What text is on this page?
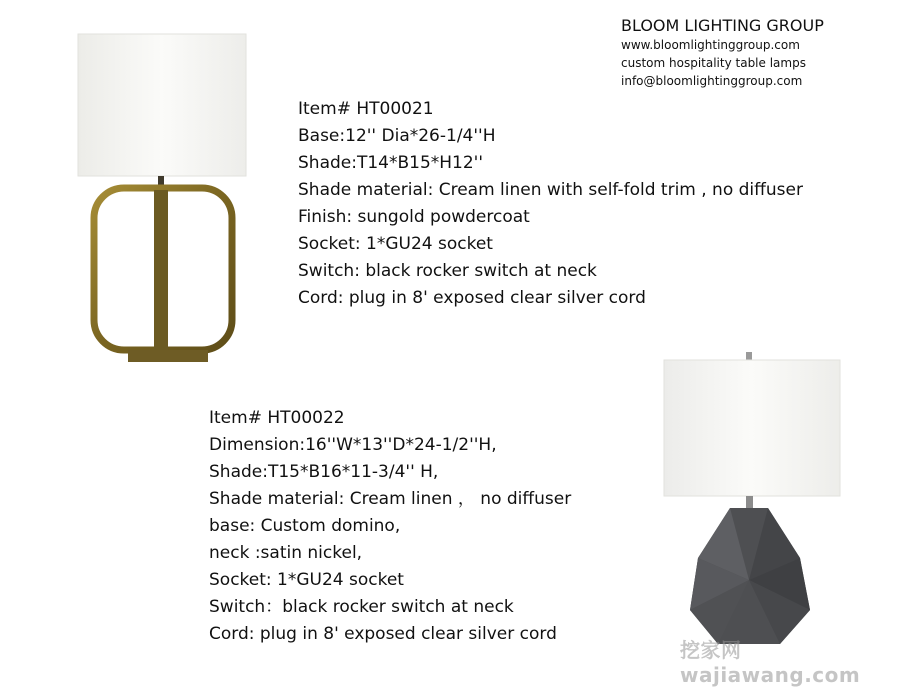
BLOOM LIGHTING GROUP
www.bloomlightinggroup.com
custom hospitality table lamps
info@bloomlightinggroup.com
Item# HT00021
Base:12'' Dia*26-1/4''H
Shade:T14*B15*H12''
Shade material: Cream linen with self-fold trim , no diffuser
Finish: sungold powdercoat
Socket: 1*GU24 socket
Switch: black rocker switch at neck
Cord: plug in 8' exposed clear silver cord
Item# HT00022
Dimension:16''W*13''D*24-1/2''H,
Shade:T15*B16*11-3/4'' H,
Shade material: Cream linen ， no diffuser
base: Custom domino,
neck :satin nickel,
Socket: 1*GU24 socket
Switch：black rocker switch at neck
Cord: plug in 8' exposed clear silver cord
挖家网 wajiawang.com
